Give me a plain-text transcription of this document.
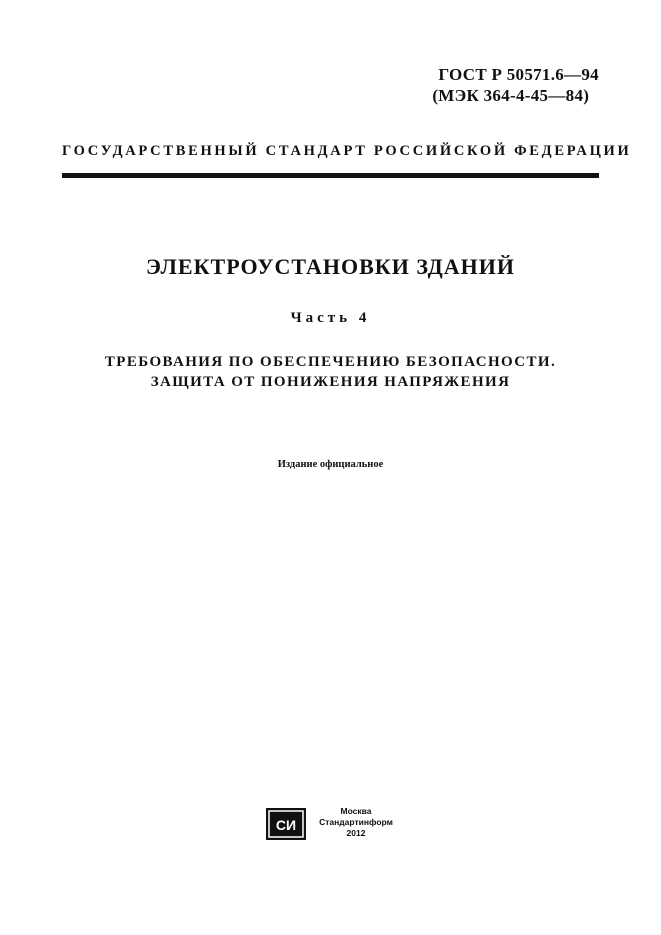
ГОСТ Р 50571.6—94
(МЭК 364-4-45—84)
ГОСУДАРСТВЕННЫЙ СТАНДАРТ РОССИЙСКОЙ ФЕДЕРАЦИИ
ЭЛЕКТРОУСТАНОВКИ ЗДАНИЙ
Часть 4
ТРЕБОВАНИЯ ПО ОБЕСПЕЧЕНИЮ БЕЗОПАСНОСТИ.
ЗАЩИТА ОТ ПОНИЖЕНИЯ НАПРЯЖЕНИЯ
Издание официальное
СИ
Москва
Стандартинформ
2012
